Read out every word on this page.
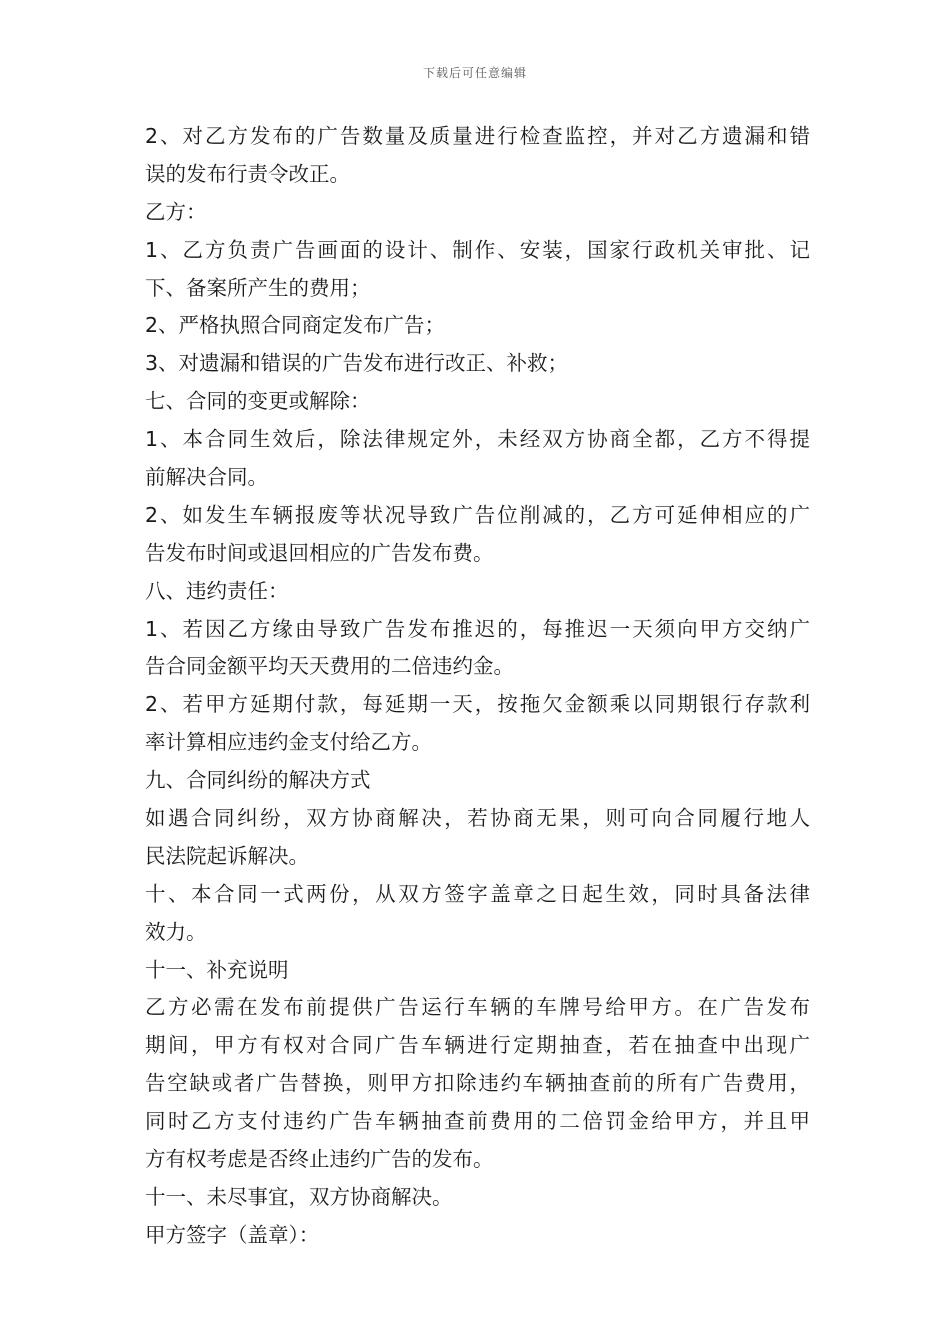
下载后可任意编辑
2、对乙方发布的广告数量及质量进行检查监控，并对乙方遗漏和错
误的发布行责令改正。
乙方：
1、乙方负责广告画面的设计、制作、安装，国家行政机关审批、记
下、备案所产生的费用；
2、严格执照合同商定发布广告；
3、对遗漏和错误的广告发布进行改正、补救；
七、合同的变更或解除：
1、本合同生效后，除法律规定外，未经双方协商全都，乙方不得提
前解决合同。
2、如发生车辆报废等状况导致广告位削减的，乙方可延伸相应的广
告发布时间或退回相应的广告发布费。
八、违约责任：
1、若因乙方缘由导致广告发布推迟的，每推迟一天须向甲方交纳广
告合同金额平均天天费用的二倍违约金。
2、若甲方延期付款，每延期一天，按拖欠金额乘以同期银行存款利
率计算相应违约金支付给乙方。
九、合同纠纷的解决方式
如遇合同纠纷，双方协商解决，若协商无果，则可向合同履行地人
民法院起诉解决。
十、本合同一式两份，从双方签字盖章之日起生效，同时具备法律
效力。
十一、补充说明
乙方必需在发布前提供广告运行车辆的车牌号给甲方。在广告发布
期间，甲方有权对合同广告车辆进行定期抽查，若在抽查中出现广
告空缺或者广告替换，则甲方扣除违约车辆抽查前的所有广告费用，
同时乙方支付违约广告车辆抽查前费用的二倍罚金给甲方，并且甲
方有权考虑是否终止违约广告的发布。
十一、未尽事宜，双方协商解决。
甲方签字（盖章）：
